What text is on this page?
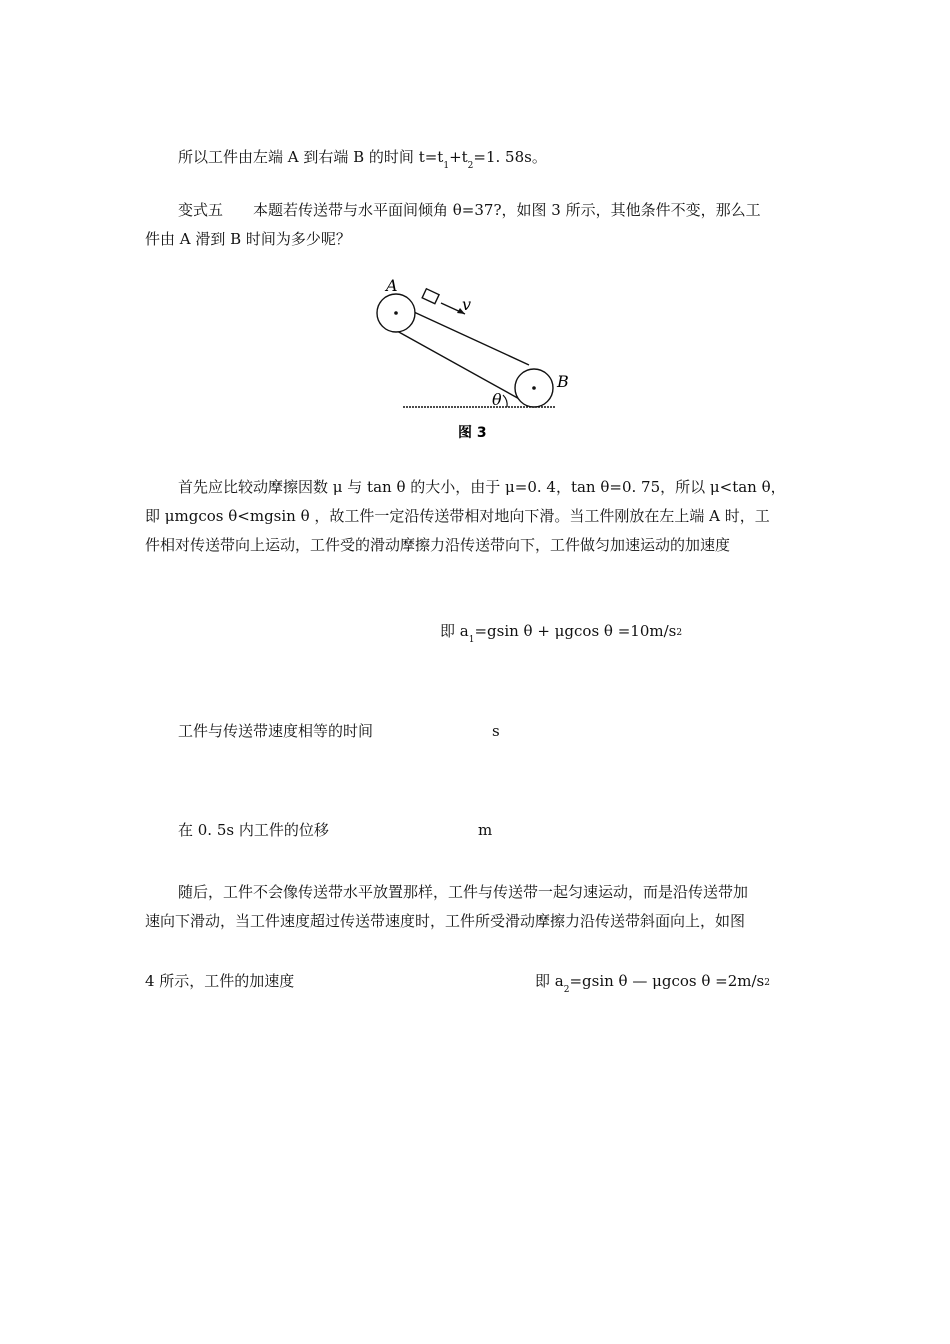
所以工件由左端 A 到右端 B 的时间 $t=t_1+t_2=1$. 58s。
变式五　　本题若传送带与水平面间倾角 θ=37?，如图 3 所示，其他条件不变，那么工
件由 A 滑到 B 时间为多少呢？
A
B
v
θ
图 3
首先应比较动摩擦因数 μ 与 tan θ 的大小，由于 μ=0. 4，tan θ=0. 75，所以 μ<tan θ，
即 μmgcos θ<mgsin θ ，故工件一定沿传送带相对地向下滑。当工件刚放在左上端 A 时，工
件相对传送带向上运动，工件受的滑动摩擦力沿传送带向下，工件做匀加速运动的加速度
即 $a_1=gsin$ θ + μgcos θ =10m/s2
工件与传送带速度相等的时间	s
在 0. 5s 内工件的位移	m
随后，工件不会像传送带水平放置那样，工件与传送带一起匀速运动，而是沿传送带加
速向下滑动，当工件速度超过传送带速度时，工件所受滑动摩擦力沿传送带斜面向上，如图
4 所示，工件的加速度	即 $a_2=gsin$ θ — μgcos θ =2m/s2
